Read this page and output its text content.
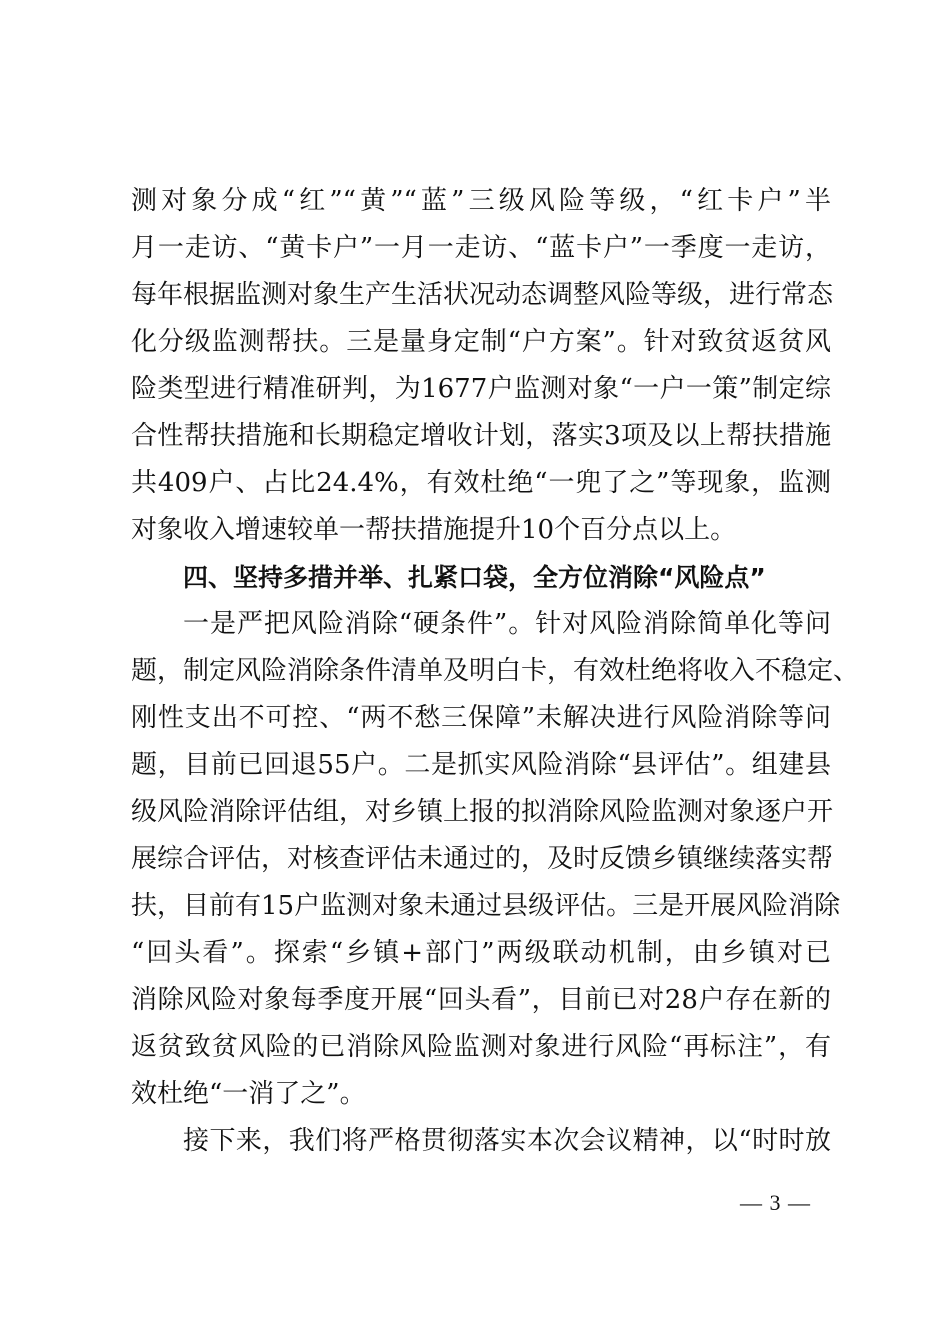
测对象分成“红”“黄”“蓝”三级风险等级，“红卡户”半
月一走访、“黄卡户”一月一走访、“蓝卡户”一季度一走访，
每年根据监测对象生产生活状况动态调整风险等级，进行常态
化分级监测帮扶。三是量身定制“户方案”。针对致贫返贫风
险类型进行精准研判，为1677户监测对象“一户一策”制定综
合性帮扶措施和长期稳定增收计划，落实3项及以上帮扶措施
共409户、占比24.4%，有效杜绝“一兜了之”等现象，监测
对象收入增速较单一帮扶措施提升10个百分点以上。
四、坚持多措并举、扎紧口袋，全方位消除“风险点”
一是严把风险消除“硬条件”。针对风险消除简单化等问
题，制定风险消除条件清单及明白卡，有效杜绝将收入不稳定、
刚性支出不可控、“两不愁三保障”未解决进行风险消除等问
题，目前已回退55户。二是抓实风险消除“县评估”。组建县
级风险消除评估组，对乡镇上报的拟消除风险监测对象逐户开
展综合评估，对核查评估未通过的，及时反馈乡镇继续落实帮
扶，目前有15户监测对象未通过县级评估。三是开展风险消除
“回头看”。探索“乡镇+部门”两级联动机制，由乡镇对已
消除风险对象每季度开展“回头看”，目前已对28户存在新的
返贫致贫风险的已消除风险监测对象进行风险“再标注”，有
效杜绝“一消了之”。
接下来，我们将严格贯彻落实本次会议精神，以“时时放
— 3 —
